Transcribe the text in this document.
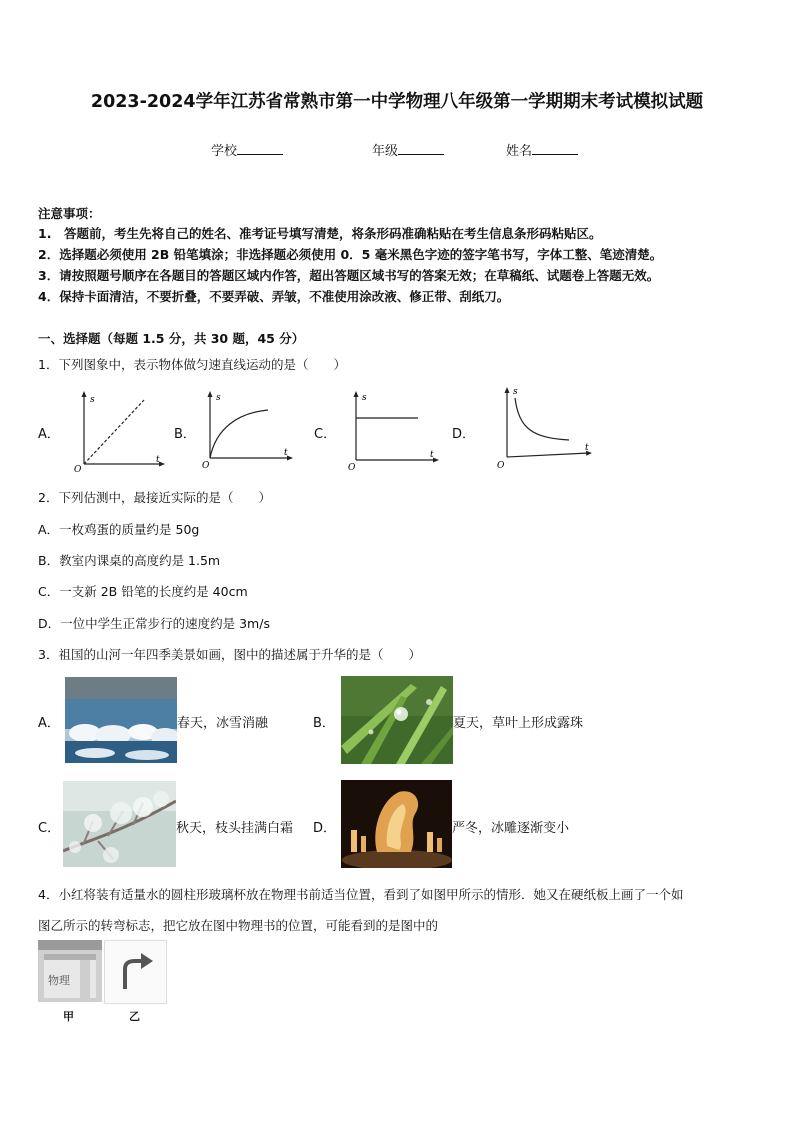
2023-2024学年江苏省常熟市第一中学物理八年级第一学期期末考试模拟试题
学校	年级	姓名
注意事项：
1.　答题前，考生先将自己的姓名、准考证号填写清楚，将条形码准确粘贴在考生信息条形码粘贴区。
2．选择题必须使用 2B 铅笔填涂；非选择题必须使用 0．5 毫米黑色字迹的签字笔书写，字体工整、笔迹清楚。
3．请按照题号顺序在各题目的答题区域内作答，超出答题区域书写的答案无效；在草稿纸、试题卷上答题无效。
4．保持卡面清洁，不要折叠，不要弄破、弄皱，不准使用涂改液、修正带、刮纸刀。
一、选择题（每题 1.5 分，共 30 题，45 分）
1．下列图象中，表示物体做匀速直线运动的是（　　）
A．
s
t
O
B．
s
t
O
C．
s
t
O
D．
s
t
O
2．下列估测中，最接近实际的是（　　）
A．一枚鸡蛋的质量约是 50g
B．教室内课桌的高度约是 1.5m
C．一支新 2B 铅笔的长度约是 40cm
D．一位中学生正常步行的速度约是 3m/s
3．祖国的山河一年四季美景如画，图中的描述属于升华的是（　　）
A．	春天，冰雪消融	B．	夏天，草叶上形成露珠
C．	秋天，枝头挂满白霜 D．	严冬，冰雕逐渐变小
4．小红将装有适量水的圆柱形玻璃杯放在物理书前适当位置，看到了如图甲所示的情形．她又在硬纸板上画了一个如
图乙所示的转弯标志，把它放在图中物理书的位置，可能看到的是图中的
物理
甲	乙
